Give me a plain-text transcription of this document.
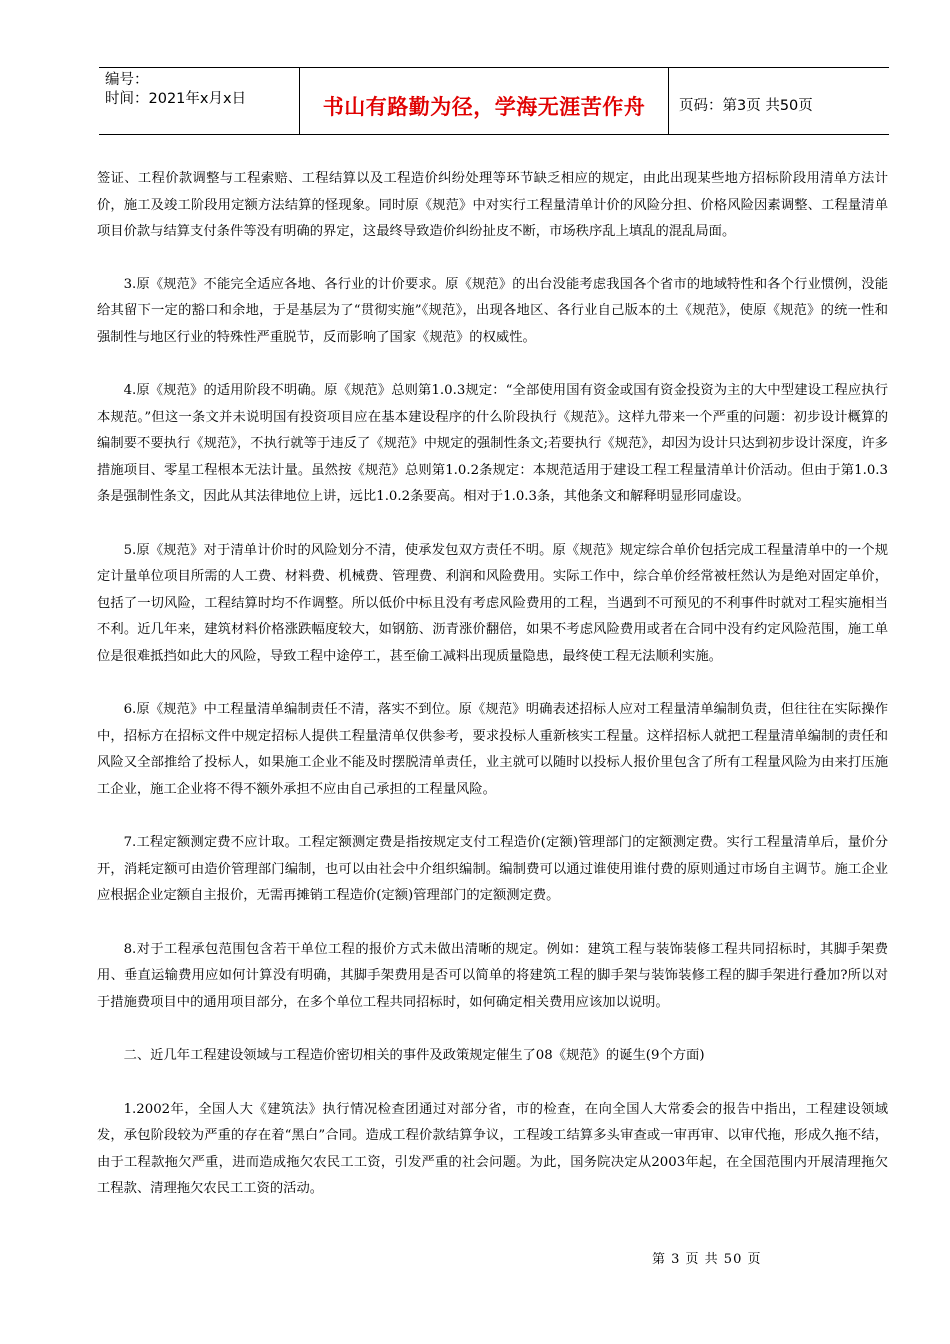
编号：
时间：2021年x月x日	书山有路勤为径，学海无涯苦作舟	页码：第3页 共50页

签证、工程价款调整与工程索赔、工程结算以及工程造价纠纷处理等环节缺乏相应的规定，由此出现某些地方招标阶段用清单方法计价，施工及竣工阶段用定额方法结算的怪现象。同时原《规范》中对实行工程量清单计价的风险分担、价格风险因素调整、工程量清单项目价款与结算支付条件等没有明确的界定，这最终导致造价纠纷扯皮不断，市场秩序乱上填乱的混乱局面。

3.原《规范》不能完全适应各地、各行业的计价要求。原《规范》的出台没能考虑我国各个省市的地域特性和各个行业惯例，没能给其留下一定的豁口和余地，于是基层为了“贯彻实施”《规范》，出现各地区、各行业自己版本的土《规范》，使原《规范》的统一性和强制性与地区行业的特殊性严重脱节，反而影响了国家《规范》的权威性。

4.原《规范》的适用阶段不明确。原《规范》总则第1.0.3规定：“全部使用国有资金或国有资金投资为主的大中型建设工程应执行本规范。”但这一条文并未说明国有投资项目应在基本建设程序的什么阶段执行《规范》。这样九带来一个严重的问题：初步设计概算的编制要不要执行《规范》，不执行就等于违反了《规范》中规定的强制性条文;若要执行《规范》，却因为设计只达到初步设计深度，许多措施项目、零星工程根本无法计量。虽然按《规范》总则第1.0.2条规定：本规范适用于建设工程工程量清单计价活动。但由于第1.0.3条是强制性条文，因此从其法律地位上讲，远比1.0.2条要高。相对于1.0.3条，其他条文和解释明显形同虚设。

5.原《规范》对于清单计价时的风险划分不清，使承发包双方责任不明。原《规范》规定综合单价包括完成工程量清单中的一个规定计量单位项目所需的人工费、材料费、机械费、管理费、利润和风险费用。实际工作中，综合单价经常被枉然认为是绝对固定单价，包括了一切风险，工程结算时均不作调整。所以低价中标且没有考虑风险费用的工程，当遇到不可预见的不利事件时就对工程实施相当不利。近几年来，建筑材料价格涨跌幅度较大，如钢筋、沥青涨价翻倍，如果不考虑风险费用或者在合同中没有约定风险范围，施工单位是很难抵挡如此大的风险，导致工程中途停工，甚至偷工减料出现质量隐患，最终使工程无法顺利实施。

6.原《规范》中工程量清单编制责任不清，落实不到位。原《规范》明确表述招标人应对工程量清单编制负责，但往往在实际操作中，招标方在招标文件中规定招标人提供工程量清单仅供参考，要求投标人重新核实工程量。这样招标人就把工程量清单编制的责任和风险又全部推给了投标人，如果施工企业不能及时摆脱清单责任，业主就可以随时以投标人报价里包含了所有工程量风险为由来打压施工企业，施工企业将不得不额外承担不应由自己承担的工程量风险。

7.工程定额测定费不应计取。工程定额测定费是指按规定支付工程造价(定额)管理部门的定额测定费。实行工程量清单后，量价分开，消耗定额可由造价管理部门编制，也可以由社会中介组织编制。编制费可以通过谁使用谁付费的原则通过市场自主调节。施工企业应根据企业定额自主报价，无需再摊销工程造价(定额)管理部门的定额测定费。

8.对于工程承包范围包含若干单位工程的报价方式未做出清晰的规定。例如：建筑工程与装饰装修工程共同招标时，其脚手架费用、垂直运输费用应如何计算没有明确，其脚手架费用是否可以简单的将建筑工程的脚手架与装饰装修工程的脚手架进行叠加?所以对于措施费项目中的通用项目部分，在多个单位工程共同招标时，如何确定相关费用应该加以说明。

二、近几年工程建设领域与工程造价密切相关的事件及政策规定催生了08《规范》的诞生(9个方面)

1.2002年，全国人大《建筑法》执行情况检查团通过对部分省，市的检查，在向全国人大常委会的报告中指出，工程建设领域发，承包阶段较为严重的存在着“黑白”合同。造成工程价款结算争议，工程竣工结算多头审查或一审再审、以审代拖，形成久拖不结，由于工程款拖欠严重，进而造成拖欠农民工工资，引发严重的社会问题。为此，国务院决定从2003年起，在全国范围内开展清理拖欠工程款、清理拖欠农民工工资的活动。

第 3 页 共 50 页
